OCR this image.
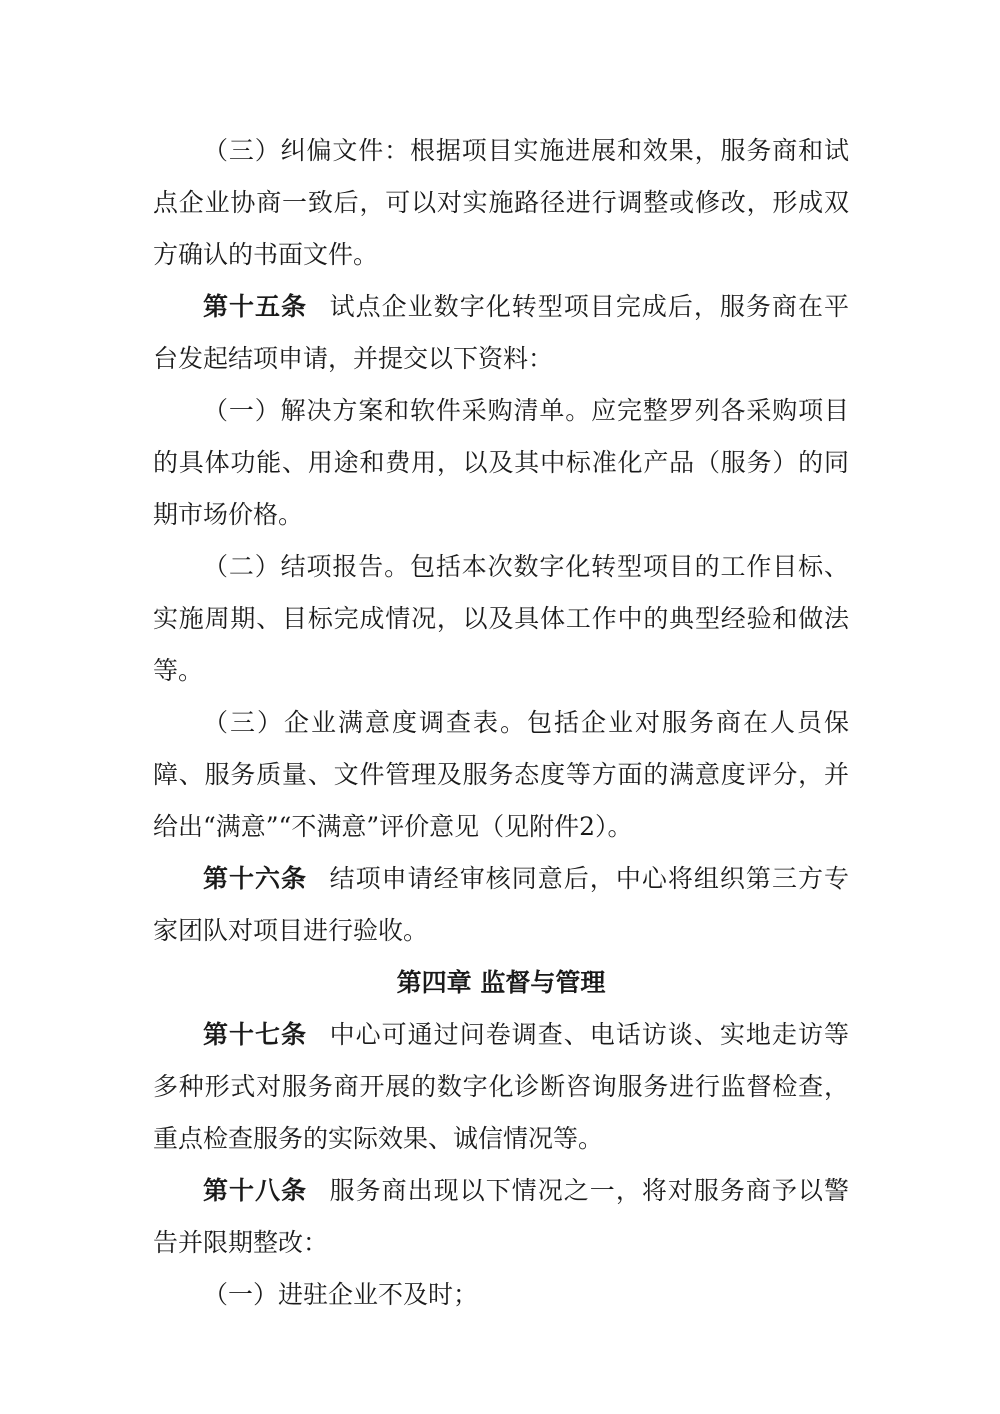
（三）纠偏文件：根据项目实施进展和效果，服务商和试点企业协商一致后，可以对实施路径进行调整或修改，形成双方确认的书面文件。

第十五条 试点企业数字化转型项目完成后，服务商在平台发起结项申请，并提交以下资料：

（一）解决方案和软件采购清单。应完整罗列各采购项目的具体功能、用途和费用，以及其中标准化产品（服务）的同期市场价格。

（二）结项报告。包括本次数字化转型项目的工作目标、实施周期、目标完成情况，以及具体工作中的典型经验和做法等。

（三）企业满意度调查表。包括企业对服务商在人员保障、服务质量、文件管理及服务态度等方面的满意度评分，并给出“满意”“不满意”评价意见（见附件2）。

第十六条 结项申请经审核同意后，中心将组织第三方专家团队对项目进行验收。

第四章 监督与管理

第十七条 中心可通过问卷调查、电话访谈、实地走访等多种形式对服务商开展的数字化诊断咨询服务进行监督检查，重点检查服务的实际效果、诚信情况等。

第十八条 服务商出现以下情况之一，将对服务商予以警告并限期整改：

（一）进驻企业不及时；
